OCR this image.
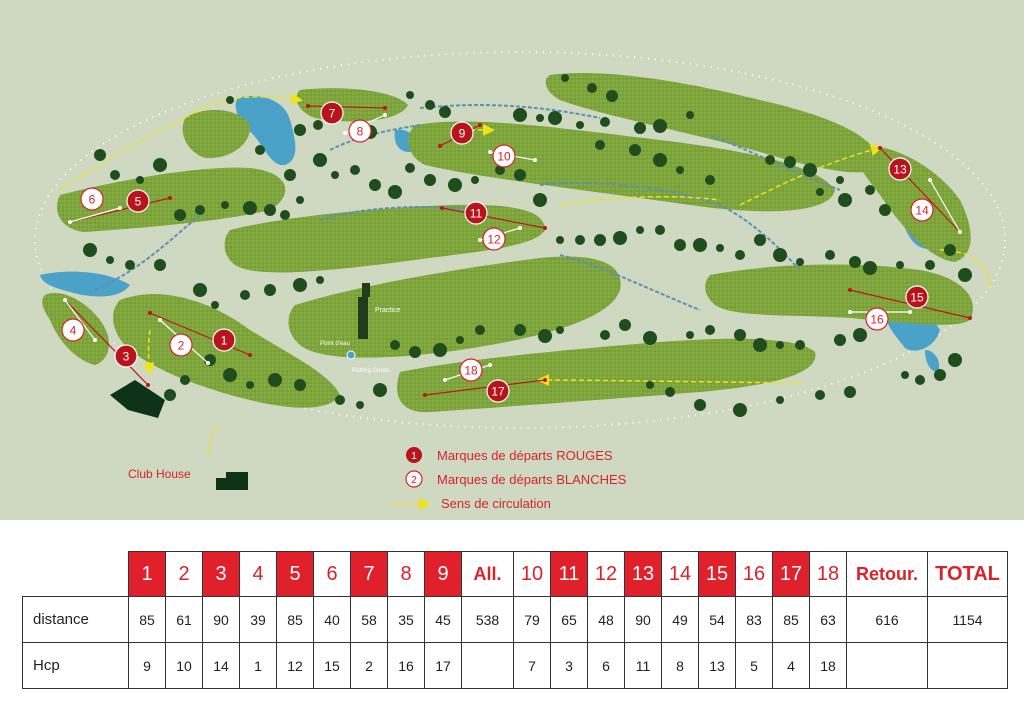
Practice
Point d'eau
Putting Green
Club House
1
3
5
7
9
11
13
15
17
2
4
6
8
10
12
14
16
18
1 Marques de départs ROUGES
2 Marques de départs BLANCHES
Sens de circulation
	1	2	3	4	5	6	7	8	9	All.	10	11	12	13	14	15	16	17	18	Retour.	TOTAL
distance	85	61	90	39	85	40	58	35	45	538	79	65	48	90	49	54	83	85	63	616	1154
Hcp	9	10	14	1	12	15	2	16	17		7	3	6	11	8	13	5	4	18		
